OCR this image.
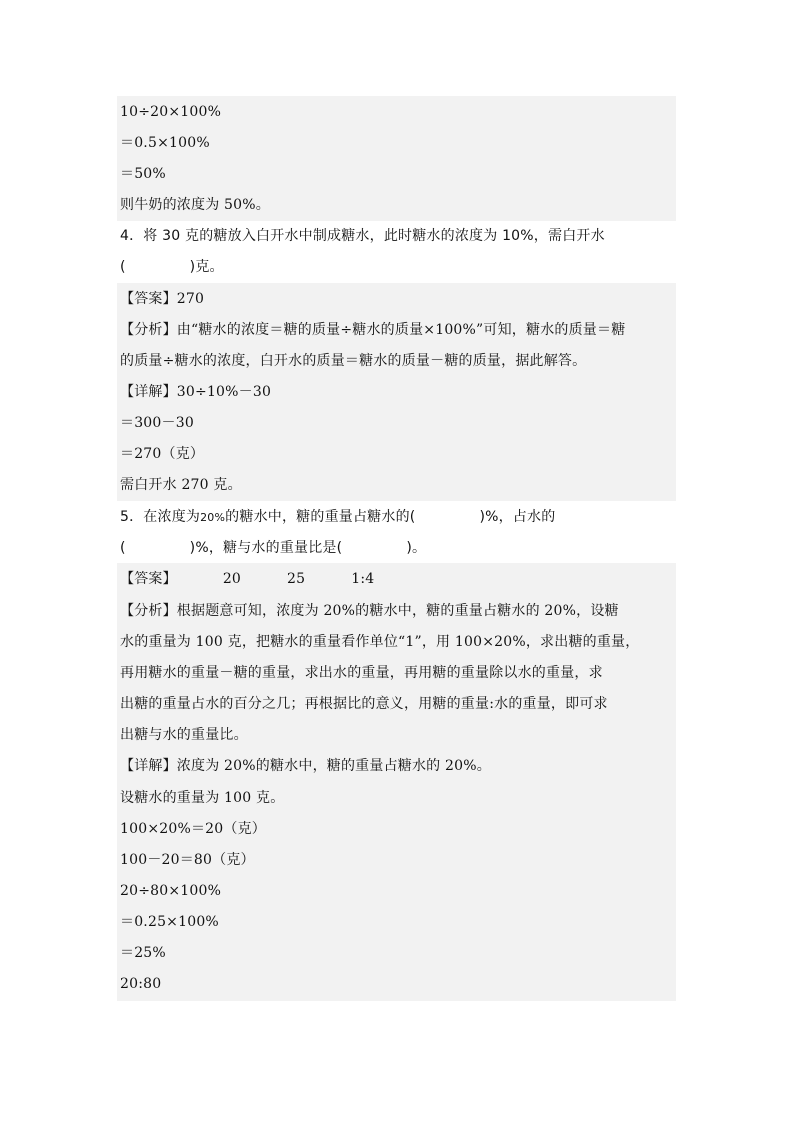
10÷20×100%
＝0.5×100%
＝50%
则牛奶的浓度为 50%。
4．将 30 克的糖放入白开水中制成糖水，此时糖水的浓度为 10%，需白开水
(	)克。
【答案】270
【分析】由“糖水的浓度＝糖的质量÷糖水的质量×100%”可知，糖水的质量＝糖
的质量÷糖水的浓度，白开水的质量＝糖水的质量－糖的质量，据此解答。
【详解】30÷10%－30
＝300－30
＝270（克）
需白开水 270 克。
5．在浓度为20%的糖水中，糖的重量占糖水的(	)%，占水的
(	)%，糖与水的重量比是(	)。
【答案】	20	25	1:4
【分析】根据题意可知，浓度为 20%的糖水中，糖的重量占糖水的 20%，设糖
水的重量为 100 克，把糖水的重量看作单位“1”，用 100×20%，求出糖的重量，
再用糖水的重量－糖的重量，求出水的重量，再用糖的重量除以水的重量，求
出糖的重量占水的百分之几；再根据比的意义，用糖的重量:水的重量，即可求
出糖与水的重量比。
【详解】浓度为 20%的糖水中，糖的重量占糖水的 20%。
设糖水的重量为 100 克。
100×20%＝20（克）
100－20＝80（克）
20÷80×100%
＝0.25×100%
＝25%
20:80
